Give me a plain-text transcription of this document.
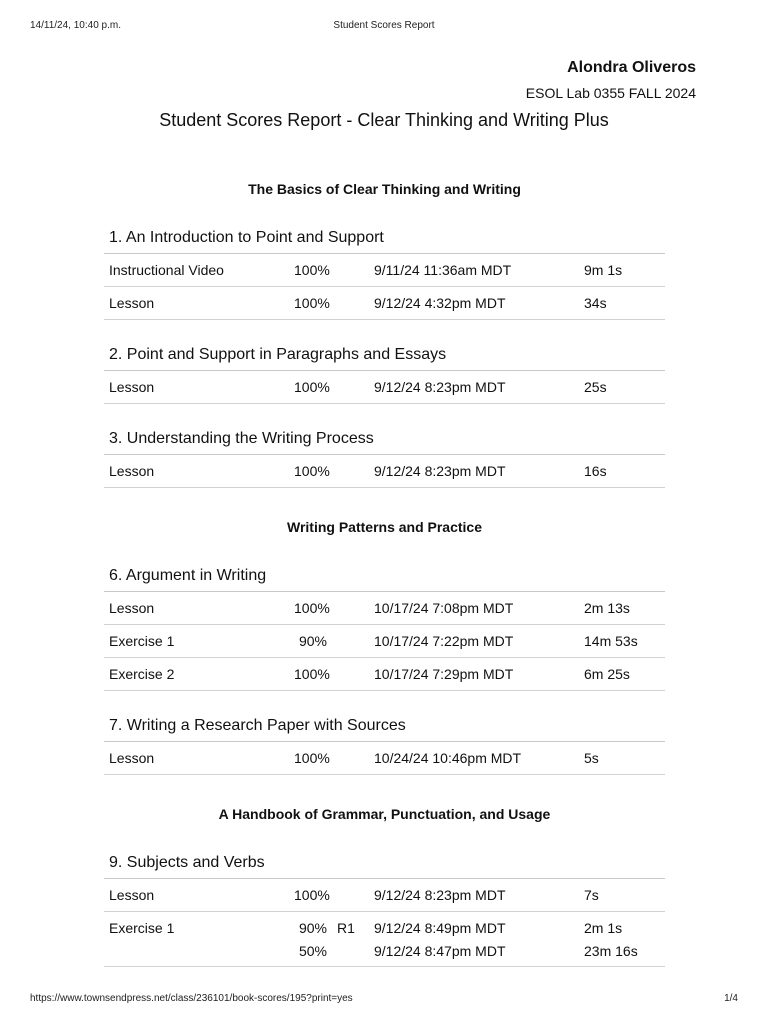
14/11/24, 10:40 p.m.	Student Scores Report
Alondra Oliveros
ESOL Lab 0355 FALL 2024
Student Scores Report - Clear Thinking and Writing Plus
The Basics of Clear Thinking and Writing
1. An Introduction to Point and Support
Instructional Video	100%	9/11/24 11:36am MDT	9m 1s
Lesson	100%	9/12/24 4:32pm MDT	34s
2. Point and Support in Paragraphs and Essays
Lesson	100%	9/12/24 8:23pm MDT	25s
3. Understanding the Writing Process
Lesson	100%	9/12/24 8:23pm MDT	16s
Writing Patterns and Practice
6. Argument in Writing
Lesson	100%	10/17/24 7:08pm MDT	2m 13s
Exercise 1	90%	10/17/24 7:22pm MDT	14m 53s
Exercise 2	100%	10/17/24 7:29pm MDT	6m 25s
7. Writing a Research Paper with Sources
Lesson	100%	10/24/24 10:46pm MDT	5s
A Handbook of Grammar, Punctuation, and Usage
9. Subjects and Verbs
Lesson	100%	9/12/24 8:23pm MDT	7s
Exercise 1	90% R1 9/12/24 8:49pm MDT	2m 1s
50%	9/12/24 8:47pm MDT	23m 16s
https://www.townsendpress.net/class/236101/book-scores/195?print=yes	1/4
